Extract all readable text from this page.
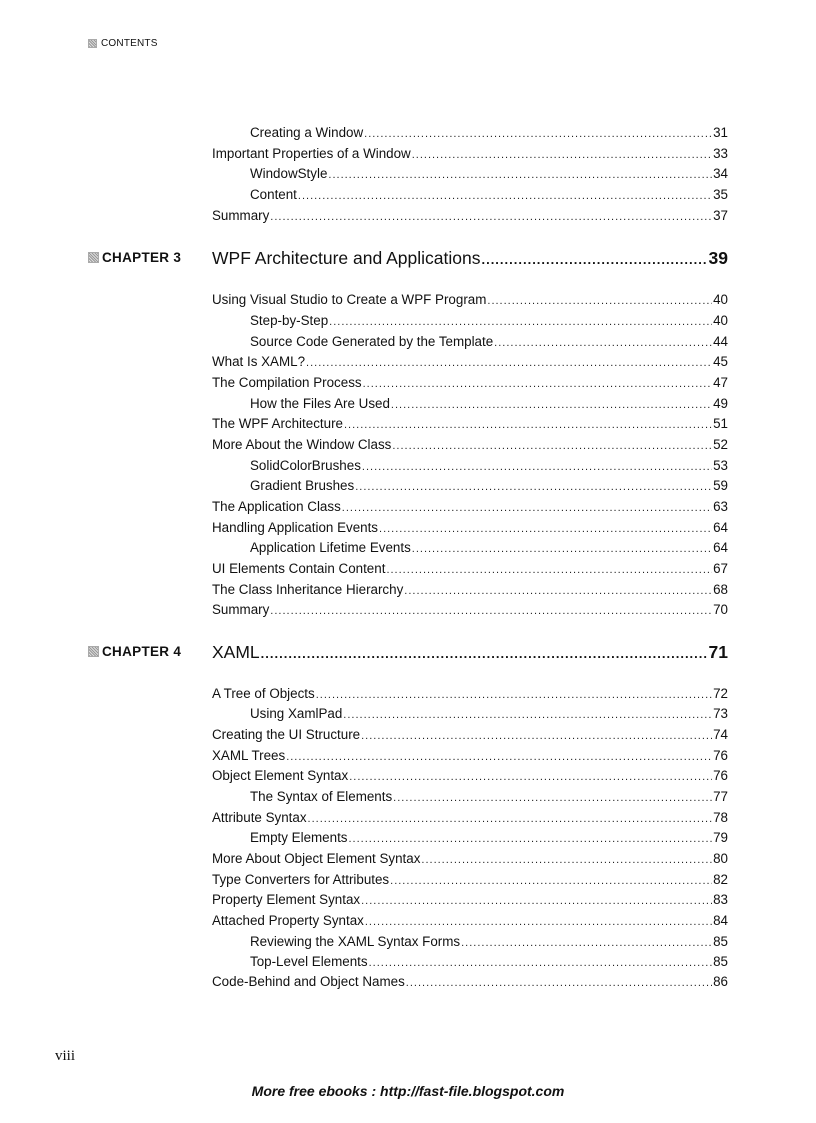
CONTENTS
Creating a Window .....	31
Important Properties of a Window .....	33
WindowStyle .....	34
Content .....	35
Summary .....	37
CHAPTER 3 WPF Architecture and Applications .....	39
Using Visual Studio to Create a WPF Program .....	40
Step-by-Step .....	40
Source Code Generated by the Template .....	44
What Is XAML? .....	45
The Compilation Process .....	47
How the Files Are Used .....	49
The WPF Architecture .....	51
More About the Window Class .....	52
SolidColorBrushes .....	53
Gradient Brushes .....	59
The Application Class .....	63
Handling Application Events .....	64
Application Lifetime Events .....	64
UI Elements Contain Content .....	67
The Class Inheritance Hierarchy .....	68
Summary .....	70
CHAPTER 4 XAML .....	71
A Tree of Objects .....	72
Using XamlPad .....	73
Creating the UI Structure .....	74
XAML Trees .....	76
Object Element Syntax .....	76
The Syntax of Elements .....	77
Attribute Syntax .....	78
Empty Elements .....	79
More About Object Element Syntax .....	80
Type Converters for Attributes .....	82
Property Element Syntax .....	83
Attached Property Syntax .....	84
Reviewing the XAML Syntax Forms .....	85
Top-Level Elements .....	85
Code-Behind and Object Names .....	86
viii
More free ebooks : http://fast-file.blogspot.com
